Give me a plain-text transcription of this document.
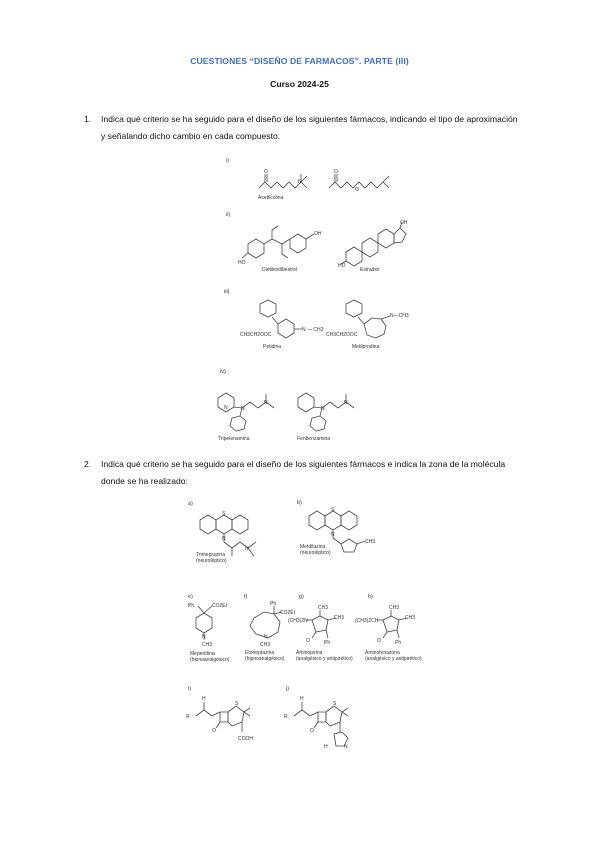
CUESTIONES “DISEÑO DE FARMACOS”. PARTE (III)
Curso 2024-25
1.	Indica qué criterio se ha seguido para el diseño de los siguientes fármacos, indicando el tipo de aproximación y señalando dicho cambio en cada compuesto.
i)
O
N
Acetilcolina
O
O
ii)
HO
OH
Dietilestilbestrol
OH
HO
Estradiol
iii)
CH3CH2OOC
N — CH3
Petidina
CH3CH2OOC
N—CH3
Metilprodina
iv)
N	N
N
Tripelenamina
N
N
Fenbenzamina
2.	Indica qué criterio se ha seguido para el diseño de los siguientes fármacos e indica la zona de la molécula donde se ha realizado:
a)
S
N
N
Trimeprazina
(neuroléptico)
b)
S
N
CH3
Metdilazina
(neuroléptico)
e)
Ph	CO2Et
N
CH3
Meperidina
(hipnoanalgésico)
f)
Ph
CO2Et
N
CH3
Etoheptazina
(hipnoanalgésico)
g)
CH3
CH3
(CH3)2N
O	Ph
Aminopirina
(analgésico y antipirético)
h)
CH3
CH3
(CH3)2CH
O	Ph
Aminofenazona
(analgésico y antipirético)
i)
R
H
S
O
COOH
j)
R
H
S
O
H	N
